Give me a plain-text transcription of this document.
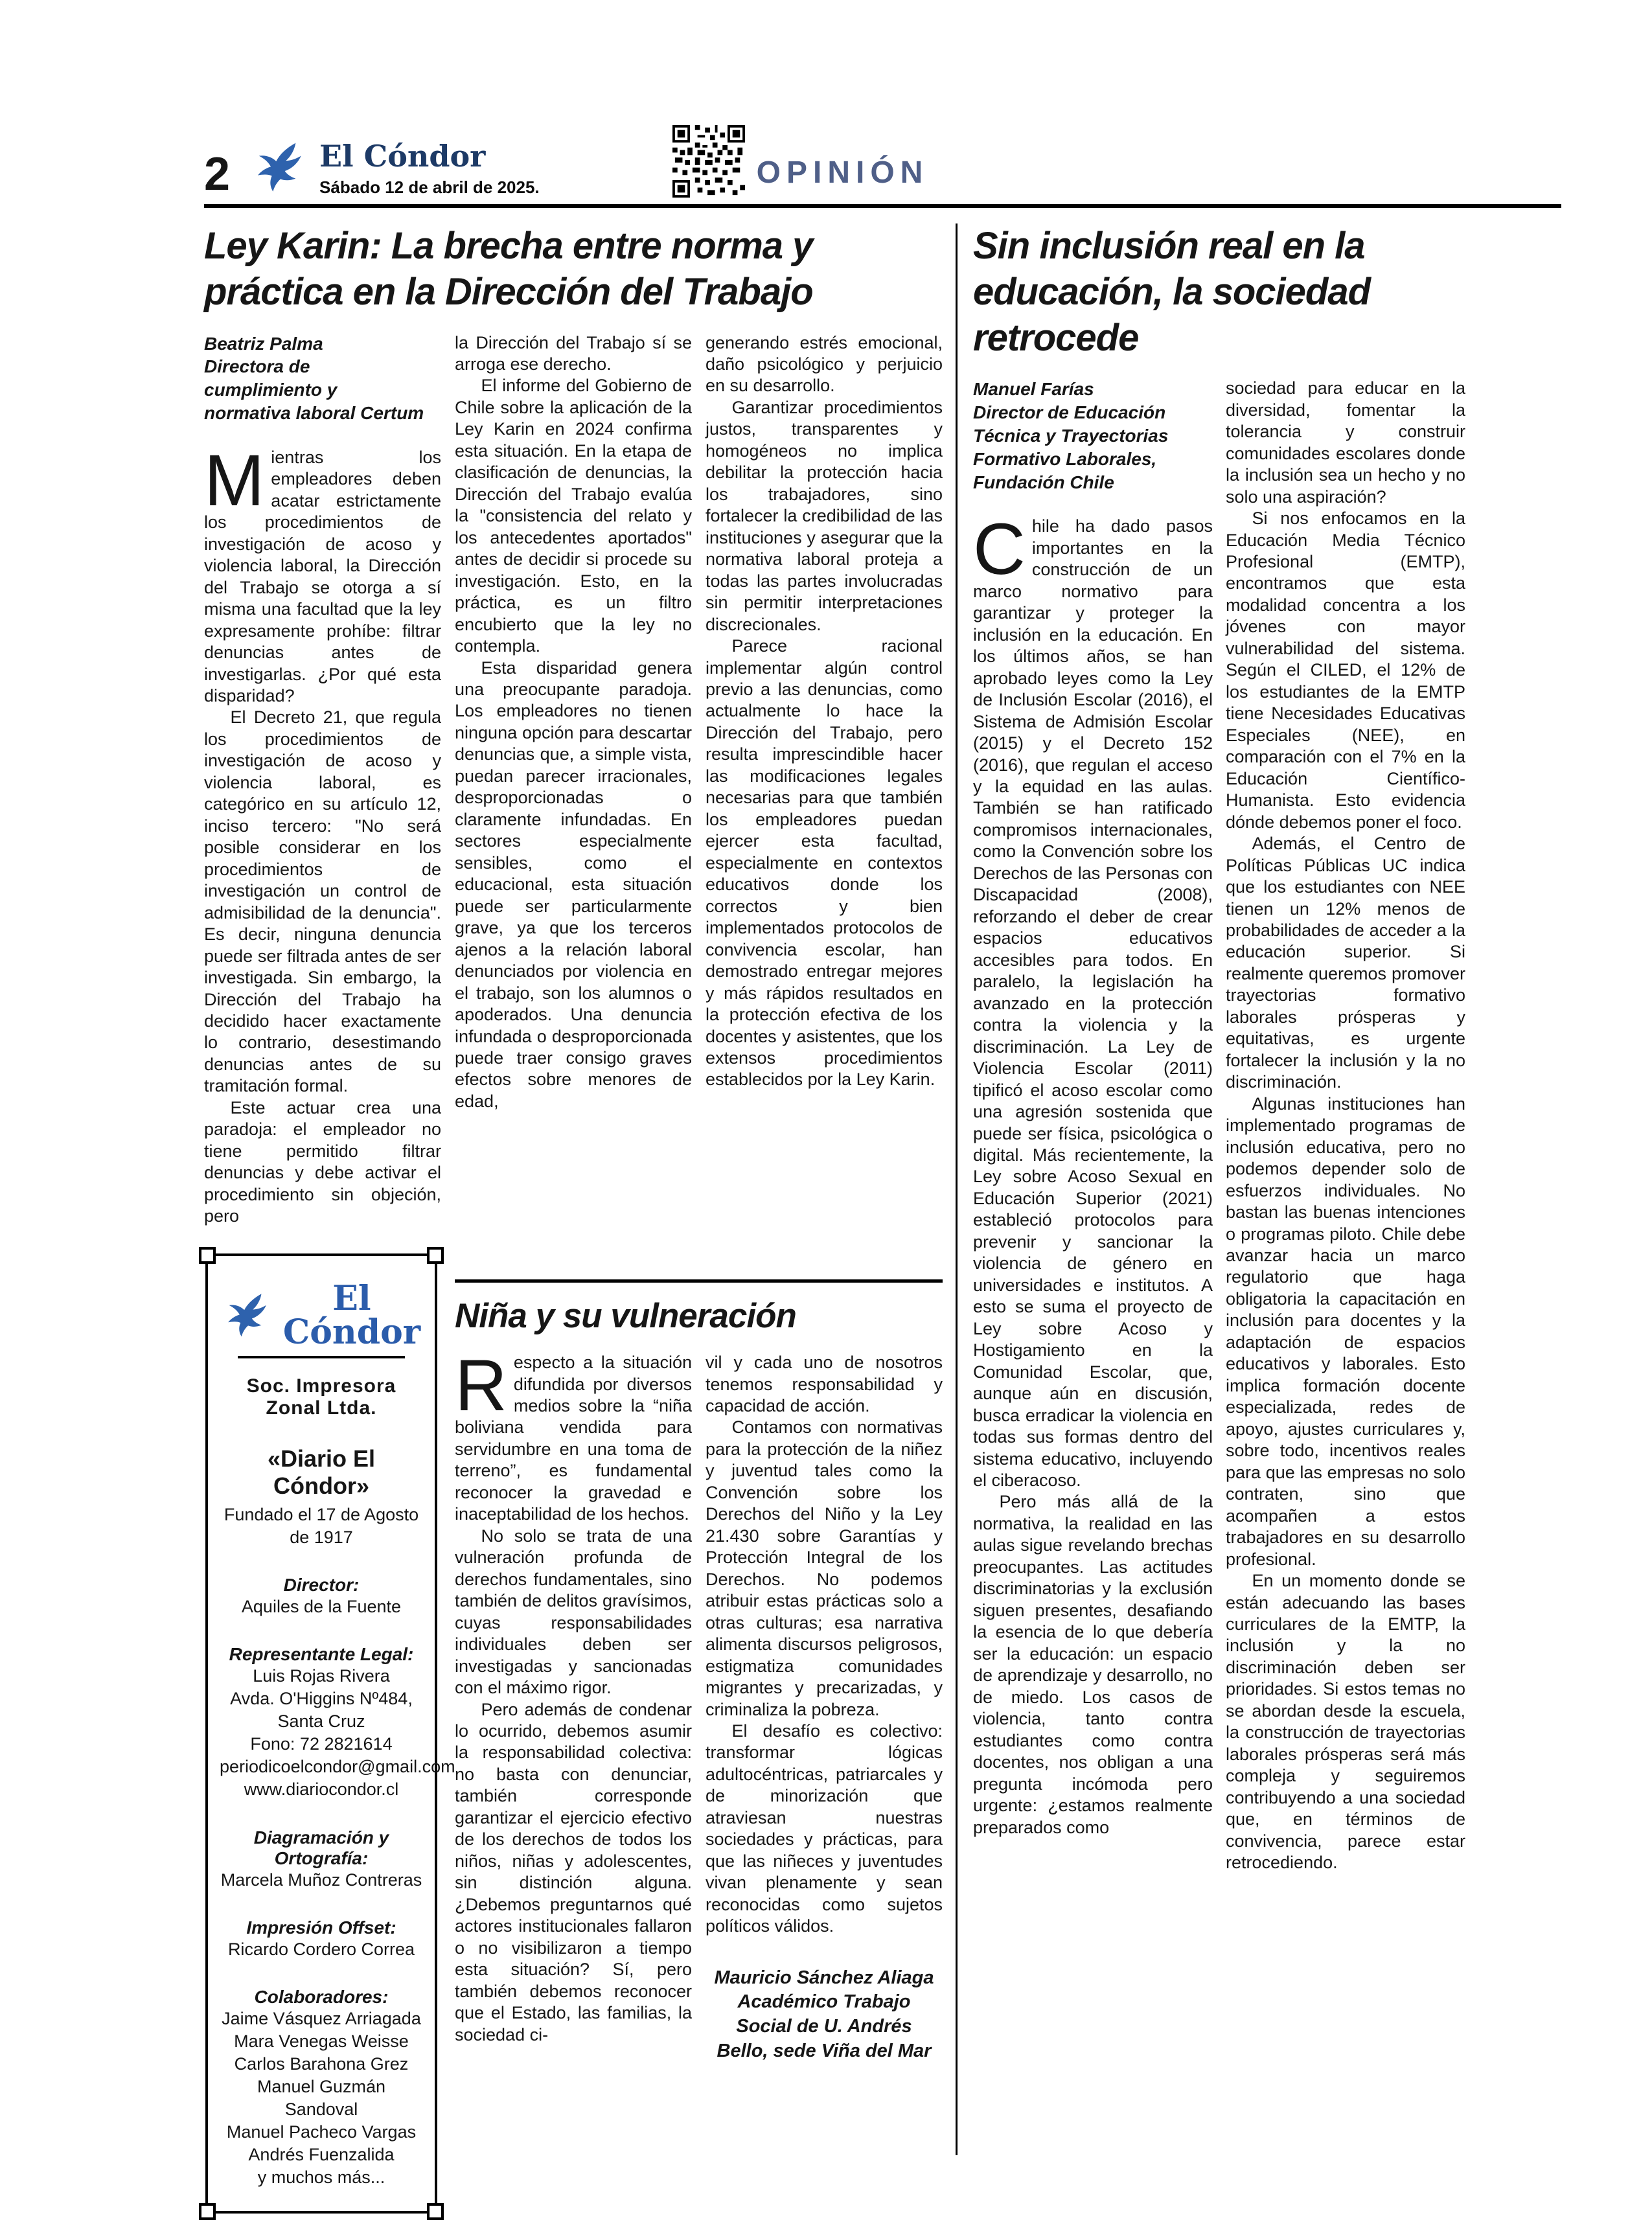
2	El Cóndor
Sábado 12 de abril de 2025.	OPINIÓN
Ley Karin: La brecha entre norma y práctica en la Dirección del Trabajo
Beatriz Palma
Directora de
cumplimiento y
normativa laboral Certum

Mientras los empleadores deben acatar estrictamente los procedimientos de investigación de acoso y violencia laboral, la Dirección del Trabajo se otorga a sí misma una facultad que la ley expresamente prohíbe: filtrar denuncias antes de investigarlas. ¿Por qué esta disparidad?

El Decreto 21, que regula los procedimientos de investigación de acoso y violencia laboral, es categórico en su artículo 12, inciso tercero: "No será posible considerar en los procedimientos de investigación un control de admisibilidad de la denuncia". Es decir, ninguna denuncia puede ser filtrada antes de ser investigada. Sin embargo, la Dirección del Trabajo ha decidido hacer exactamente lo contrario, desestimando denuncias antes de su tramitación formal.

Este actuar crea una paradoja: el empleador no tiene permitido filtrar denuncias y debe activar el procedimiento sin objeción, pero

El Cóndor
Soc. Impresora Zonal Ltda.
«Diario El Cóndor»
Fundado el 17 de Agosto de 1917
Director:
Aquiles de la Fuente
Representante Legal:
Luis Rojas Rivera
Avda. O'Higgins Nº484,
Santa Cruz
Fono: 72 2821614
periodicoelcondor@gmail.com
www.diariocondor.cl
Diagramación y Ortografía:
Marcela Muñoz Contreras
Impresión Offset:
Ricardo Cordero Correa
Colaboradores:
Jaime Vásquez Arriagada
Mara Venegas Weisse
Carlos Barahona Grez
Manuel Guzmán Sandoval
Manuel Pacheco Vargas
Andrés Fuenzalida
y muchos más...

la Dirección del Trabajo sí se arroga ese derecho.

El informe del Gobierno de Chile sobre la aplicación de la Ley Karin en 2024 confirma esta situación. En la etapa de clasificación de denuncias, la Dirección del Trabajo evalúa la "consistencia del relato y los antecedentes aportados" antes de decidir si procede su investigación. Esto, en la práctica, es un filtro encubierto que la ley no contempla.

Esta disparidad genera una preocupante paradoja. Los empleadores no tienen ninguna opción para descartar denuncias que, a simple vista, puedan parecer irracionales, desproporcionadas o claramente infundadas. En sectores especialmente sensibles, como el educacional, esta situación puede ser particularmente grave, ya que los terceros ajenos a la relación laboral denunciados por violencia en el trabajo, son los alumnos o apoderados. Una denuncia infundada o desproporcionada puede traer consigo graves efectos sobre menores de edad,

generando estrés emocional, daño psicológico y perjuicio en su desarrollo.

Garantizar procedimientos justos, transparentes y homogéneos no implica debilitar la protección hacia los trabajadores, sino fortalecer la credibilidad de las instituciones y asegurar que la normativa laboral proteja a todas las partes involucradas sin permitir interpretaciones discrecionales.

Parece racional implementar algún control previo a las denuncias, como actualmente lo hace la Dirección del Trabajo, pero resulta imprescindible hacer las modificaciones legales necesarias para que también los empleadores puedan ejercer esta facultad, especialmente en contextos educativos donde los correctos y bien implementados protocolos de convivencia escolar, han demostrado entregar mejores y más rápidos resultados en la protección efectiva de los docentes y asistentes, que los extensos procedimientos establecidos por la Ley Karin.

Niña y su vulneración

Respecto a la situación difundida por diversos medios sobre la “niña boliviana vendida para servidumbre en una toma de terreno”, es fundamental reconocer la gravedad e inaceptabilidad de los hechos.

No solo se trata de una vulneración profunda de derechos fundamentales, sino también de delitos gravísimos, cuyas responsabilidades individuales deben ser investigadas y sancionadas con el máximo rigor.

Pero además de condenar lo ocurrido, debemos asumir la responsabilidad colectiva: no basta con denunciar, también corresponde garantizar el ejercicio efectivo de los derechos de todos los niños, niñas y adolescentes, sin distinción alguna. ¿Debemos preguntarnos qué actores institucionales fallaron o no visibilizaron a tiempo esta situación? Sí, pero también debemos reconocer que el Estado, las familias, la sociedad ci-

vil y cada uno de nosotros tenemos responsabilidad y capacidad de acción.

Contamos con normativas para la protección de la niñez y juventud tales como la Convención sobre los Derechos del Niño y la Ley 21.430 sobre Garantías y Protección Integral de los Derechos. No podemos atribuir estas prácticas solo a otras culturas; esa narrativa alimenta discursos peligrosos, estigmatiza comunidades migrantes y precarizadas, y criminaliza la pobreza.

El desafío es colectivo: transformar lógicas adultocéntricas, patriarcales y de minorización que atraviesan nuestras sociedades y prácticas, para que las niñeces y juventudes vivan plenamente y sean reconocidas como sujetos políticos válidos.

Mauricio Sánchez Aliaga
Académico Trabajo
Social de U. Andrés
Bello, sede Viña del Mar
Sin inclusión real en la educación, la sociedad retrocede
Manuel Farías
Director de Educación
Técnica y Trayectorias
Formativo Laborales,
Fundación Chile

Chile ha dado pasos importantes en la construcción de un marco normativo para garantizar y proteger la inclusión en la educación. En los últimos años, se han aprobado leyes como la Ley de Inclusión Escolar (2016), el Sistema de Admisión Escolar (2015) y el Decreto 152 (2016), que regulan el acceso y la equidad en las aulas. También se han ratificado compromisos internacionales, como la Convención sobre los Derechos de las Personas con Discapacidad (2008), reforzando el deber de crear espacios educativos accesibles para todos. En paralelo, la legislación ha avanzado en la protección contra la violencia y la discriminación. La Ley de Violencia Escolar (2011) tipificó el acoso escolar como una agresión sostenida que puede ser física, psicológica o digital. Más recientemente, la Ley sobre Acoso Sexual en Educación Superior (2021) estableció protocolos para prevenir y sancionar la violencia de género en universidades e institutos. A esto se suma el proyecto de Ley sobre Acoso y Hostigamiento en la Comunidad Escolar, que, aunque aún en discusión, busca erradicar la violencia en todas sus formas dentro del sistema educativo, incluyendo el ciberacoso.

Pero más allá de la normativa, la realidad en las aulas sigue revelando brechas preocupantes. Las actitudes discriminatorias y la exclusión siguen presentes, desafiando la esencia de lo que debería ser la educación: un espacio de aprendizaje y desarrollo, no de miedo. Los casos de violencia, tanto contra estudiantes como contra docentes, nos obligan a una pregunta incómoda pero urgente: ¿estamos realmente preparados como

sociedad para educar en la diversidad, fomentar la tolerancia y construir comunidades escolares donde la inclusión sea un hecho y no solo una aspiración?

Si nos enfocamos en la Educación Media Técnico Profesional (EMTP), encontramos que esta modalidad concentra a los jóvenes con mayor vulnerabilidad del sistema. Según el CILED, el 12% de los estudiantes de la EMTP tiene Necesidades Educativas Especiales (NEE), en comparación con el 7% en la Educación Científico-Humanista. Esto evidencia dónde debemos poner el foco.

Además, el Centro de Políticas Públicas UC indica que los estudiantes con NEE tienen un 12% menos de probabilidades de acceder a la educación superior. Si realmente queremos promover trayectorias formativo laborales prósperas y equitativas, es urgente fortalecer la inclusión y la no discriminación.

Algunas instituciones han implementado programas de inclusión educativa, pero no podemos depender solo de esfuerzos individuales. No bastan las buenas intenciones o programas piloto. Chile debe avanzar hacia un marco regulatorio que haga obligatoria la capacitación en inclusión para docentes y la adaptación de espacios educativos y laborales. Esto implica formación docente especializada, redes de apoyo, ajustes curriculares y, sobre todo, incentivos reales para que las empresas no solo contraten, sino que acompañen a estos trabajadores en su desarrollo profesional.

En un momento donde se están adecuando las bases curriculares de la EMTP, la inclusión y la no discriminación deben ser prioridades. Si estos temas no se abordan desde la escuela, la construcción de trayectorias laborales prósperas será más compleja y seguiremos contribuyendo a una sociedad que, en términos de convivencia, parece estar retrocediendo.
